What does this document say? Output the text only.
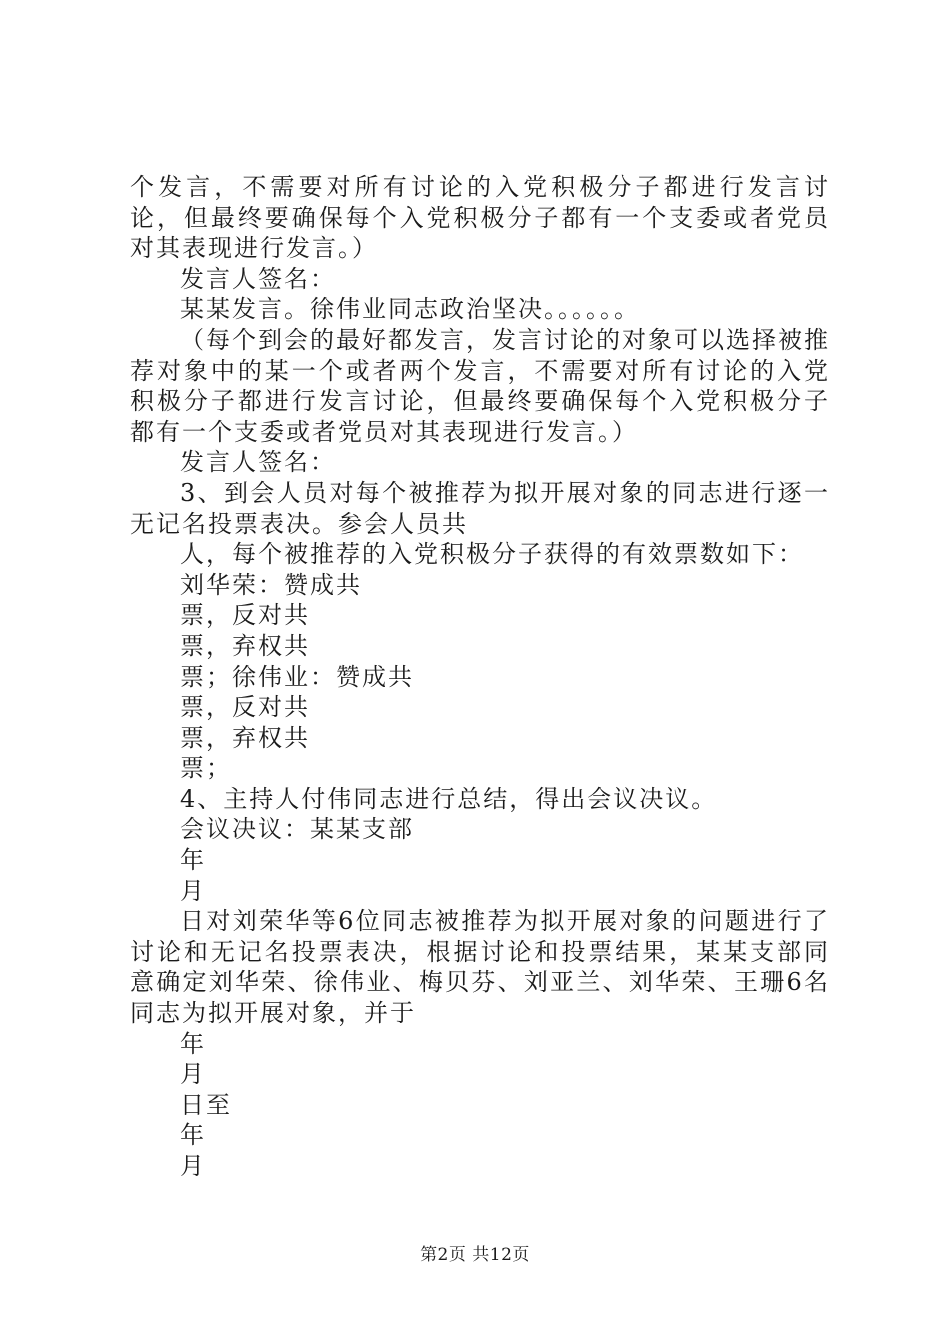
个发言，不需要对所有讨论的入党积极分子都进行发言讨论，但最终要确保每个入党积极分子都有一个支委或者党员对其表现进行发言。）

发言人签名：

某某发言。徐伟业同志政治坚决。。。。。。

（每个到会的最好都发言，发言讨论的对象可以选择被推荐对象中的某一个或者两个发言，不需要对所有讨论的入党积极分子都进行发言讨论，但最终要确保每个入党积极分子都有一个支委或者党员对其表现进行发言。）

发言人签名：

3、到会人员对每个被推荐为拟开展对象的同志进行逐一无记名投票表决。参会人员共

人，每个被推荐的入党积极分子获得的有效票数如下：

刘华荣：赞成共

票，反对共

票，弃权共

票；徐伟业：赞成共

票，反对共

票，弃权共

票；

4、主持人付伟同志进行总结，得出会议决议。

会议决议：某某支部

年

月

日对刘荣华等6位同志被推荐为拟开展对象的问题进行了讨论和无记名投票表决，根据讨论和投票结果，某某支部同意确定刘华荣、徐伟业、梅贝芬、刘亚兰、刘华荣、王珊6名同志为拟开展对象，并于

年

月

日至

年

月

第2页 共12页
